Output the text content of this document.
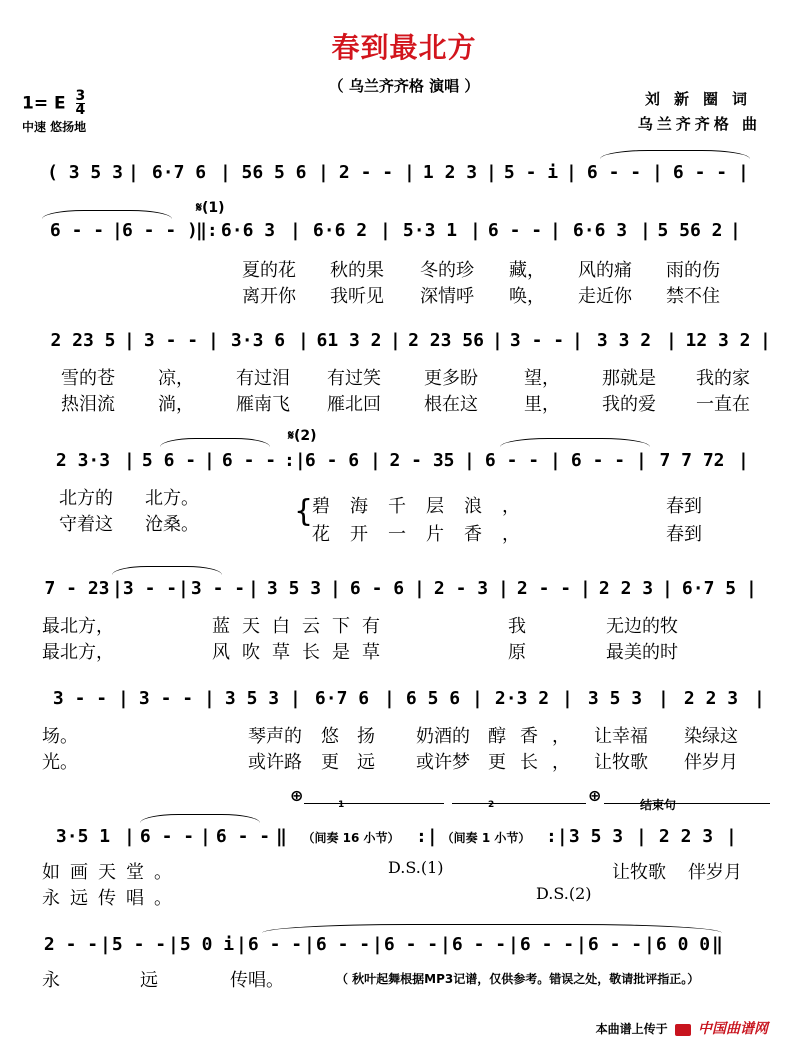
春到最北方
（ 乌兰齐齐格 演唱 ）
1= E $\frac{3}{4}$
中速 悠扬地
刘新圈词
乌兰齐齐格 曲
( 3 5 3 | 6·7 6 | 56 5 6 | 2 - - | 1 2 3 | 5 - i | 6 - - | 6 - - |
𝄋(1)
6 - - |6 - - )‖: 6·6 3 | 6·6 2 | 5·3 1 | 6 - - | 6·6 3 | 5 56 2 |
夏的花 秋的果 冬的珍 藏， 风的痛 雨的伤
离开你 我听见 深情呼 唤， 走近你 禁不住
2 23 5 | 3 - - | 3·3 6 | 61 3 2 | 2 23 56 | 3 - - | 3 3 2 | 12 3 2 |
雪的苍 凉， 有过泪 有过笑 更多盼	望， 那就是 我的家
热泪流 淌， 雁南飞 雁北回 根在这	里， 我的爱 一直在
𝄋(2)
2 3·3 | 5 6 - | 6 - - :|6 - 6 | 2 - 35 | 6 - - | 6 - - | 7 7 72 |
北方的 北方。
守着这 沧桑。	{
碧海千层浪，
花开一片香，
春到
春到
7 - 23 |3 - -| 3 - - | 3 5 3 | 6 - 6 | 2 - 3 | 2 - - | 2 2 3 | 6·7 5 |
最北方，	蓝天白云下有	我	无边的牧
最北方，	风吹草长是草	原	最美的时
3 - - | 3 - - | 3 5 3 | 6·7 6 | 6 5 6 | 2·3 2 | 3 5 3 | 2 2 3 |
场。	琴声的 悠扬 奶酒的 醇香， 让幸福 染绿这
光。	或许路 更远 或许梦 更长， 让牧歌 伴岁月
⊕	1	2	⊕	结束句
3·5 1 | 6 - - | 6 - - ‖ （间奏 16 小节） :| （间奏 1 小节） :|3 5 3 | 2 2 3 |
如画天堂。	D.S.(1)	让牧歌	伴岁月
永远传唱。	D.S.(2)
2 - - |5 - - |5 0 i |6 - - |6 - - |6 - - |6 - - |6 - - |6 - - |6 0 0 ‖
永	远	传唱。	（ 秋叶起舞根据MP3记谱，仅供参考。错误之处，敬请批评指正。）
本曲谱上传于 中国曲谱网
